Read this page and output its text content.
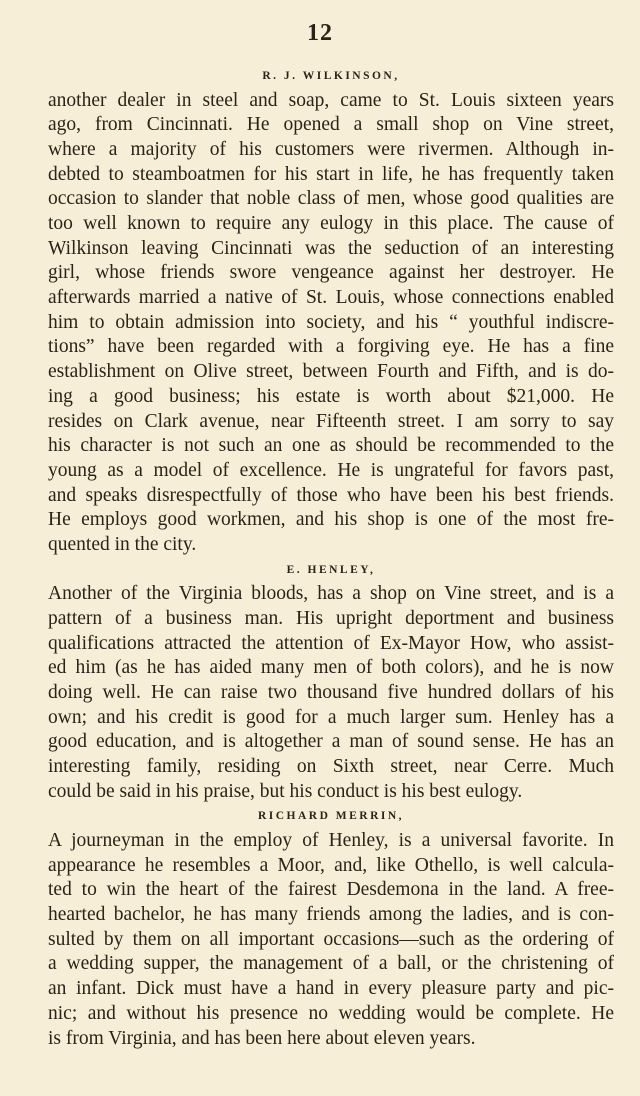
12
R. J. WILKINSON,
another dealer in steel and soap, came to St. Louis sixteen years
ago, from Cincinnati. He opened a small shop on Vine street,
where a majority of his customers were rivermen. Although in-
debted to steamboatmen for his start in life, he has frequently taken
occasion to slander that noble class of men, whose good qualities are
too well known to require any eulogy in this place. The cause of
Wilkinson leaving Cincinnati was the seduction of an interesting
girl, whose friends swore vengeance against her destroyer. He
afterwards married a native of St. Louis, whose connections enabled
him to obtain admission into society, and his “ youthful indiscre-
tions” have been regarded with a forgiving eye. He has a fine
establishment on Olive street, between Fourth and Fifth, and is do-
ing a good business; his estate is worth about $21,000. He
resides on Clark avenue, near Fifteenth street. I am sorry to say
his character is not such an one as should be recommended to the
young as a model of excellence. He is ungrateful for favors past,
and speaks disrespectfully of those who have been his best friends.
He employs good workmen, and his shop is one of the most fre-
quented in the city.
E. HENLEY,
Another of the Virginia bloods, has a shop on Vine street, and is a
pattern of a business man. His upright deportment and business
qualifications attracted the attention of Ex-Mayor How, who assist-
ed him (as he has aided many men of both colors), and he is now
doing well. He can raise two thousand five hundred dollars of his
own; and his credit is good for a much larger sum. Henley has a
good education, and is altogether a man of sound sense. He has an
interesting family, residing on Sixth street, near Cerre. Much
could be said in his praise, but his conduct is his best eulogy.
RICHARD MERRIN,
A journeyman in the employ of Henley, is a universal favorite. In
appearance he resembles a Moor, and, like Othello, is well calcula-
ted to win the heart of the fairest Desdemona in the land. A free-
hearted bachelor, he has many friends among the ladies, and is con-
sulted by them on all important occasions—such as the ordering of
a wedding supper, the management of a ball, or the christening of
an infant. Dick must have a hand in every pleasure party and pic-
nic; and without his presence no wedding would be complete. He
is from Virginia, and has been here about eleven years.
